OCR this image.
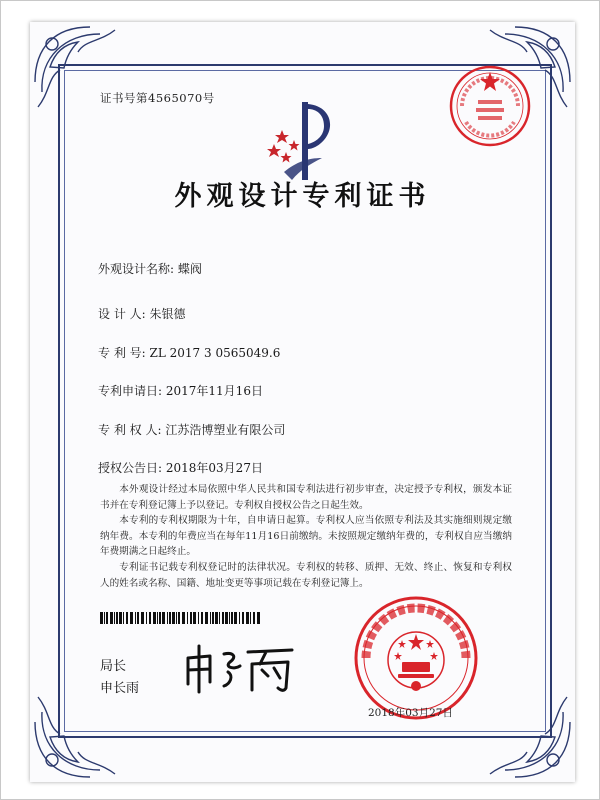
证书号第4565070号
外观设计专利证书
外观设计名称: 蝶阀
设 计 人: 朱银德
专 利 号: ZL 2017 3 0565049.6
专利申请日: 2017年11月16日
专 利 权 人: 江苏浩博塑业有限公司
授权公告日: 2018年03月27日

本外观设计经过本局依照中华人民共和国专利法进行初步审查，决定授予专利权，颁发本证书并在专利登记簿上予以登记。专利权自授权公告之日起生效。

本专利的专利权期限为十年，自申请日起算。专利权人应当依照专利法及其实施细则规定缴纳年费。本专利的年费应当在每年11月16日前缴纳。未按照规定缴纳年费的，专利权自应当缴纳年费期满之日起终止。

专利证书记载专利权登记时的法律状况。专利权的转移、质押、无效、终止、恢复和专利权人的姓名或名称、国籍、地址变更等事项记载在专利登记簿上。

局长
申长雨
2018年03月27日
